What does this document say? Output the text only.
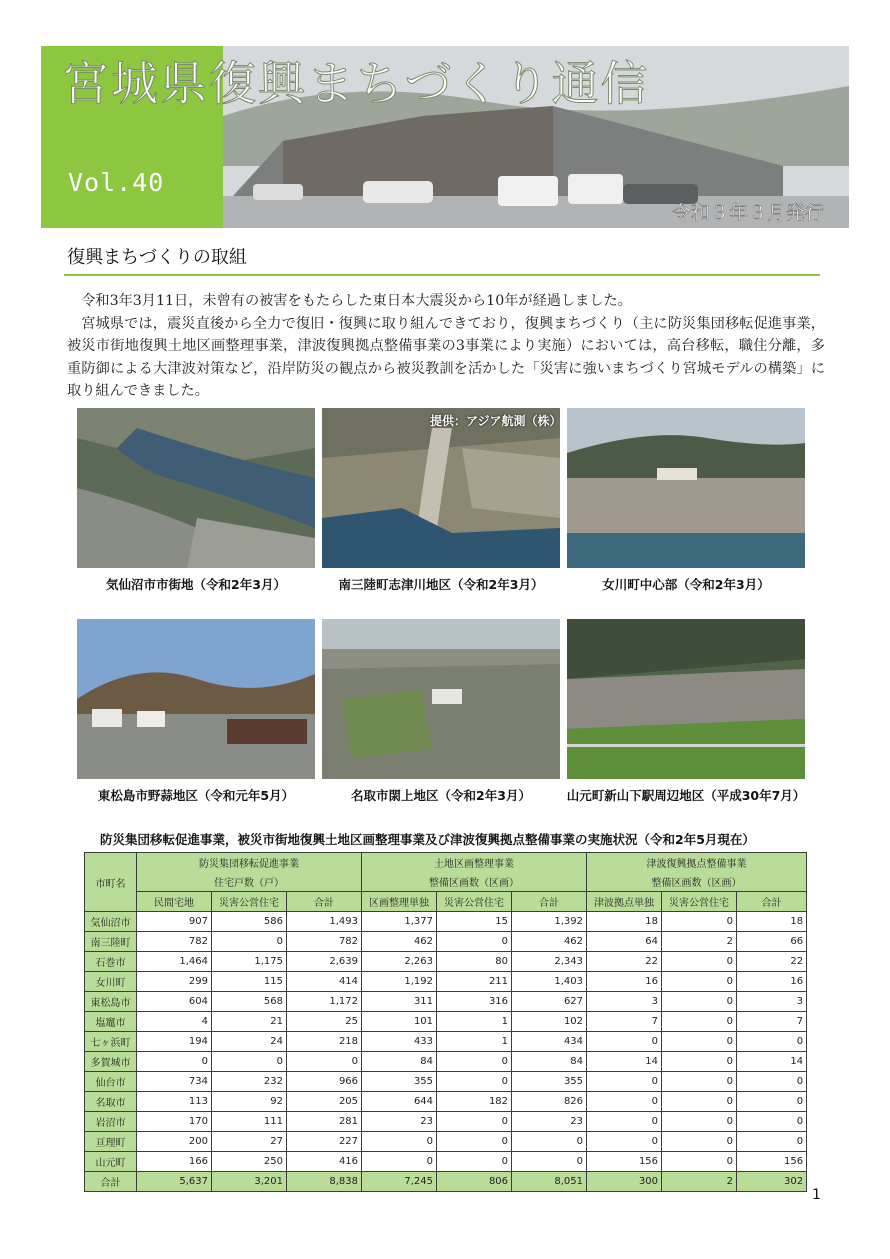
宮城県復興まちづくり通信
Vol.40
令和３年３月発行
復興まちづくりの取組

令和3年3月11日，未曾有の被害をもたらした東日本大震災から10年が経過しました。

宮城県では，震災直後から全力で復旧・復興に取り組んできており，復興まちづくり（主に防災集団移転促進事業，被災市街地復興土地区画整理事業，津波復興拠点整備事業の3事業により実施）においては，高台移転，職住分離，多重防御による大津波対策など，沿岸防災の観点から被災教訓を活かした「災害に強いまちづくり宮城モデルの構築」に取り組んできました。

提供：アジア航測（株）
気仙沼市市街地（令和2年3月）	南三陸町志津川地区（令和2年3月）	女川町中心部（令和2年3月）
東松島市野蒜地区（令和元年5月）	名取市閖上地区（令和2年3月）	山元町新山下駅周辺地区（平成30年7月）
防災集団移転促進事業，被災市街地復興土地区画整理事業及び津波復興拠点整備事業の実施状況（令和2年5月現在）
市町名	防災集団移転促進事業			土地区画整理事業			津波復興拠点整備事業		
	住宅戸数（戸）			整備区画数（区画）			整備区画数（区画）		
	民間宅地	災害公営住宅	合計	区画整理単独	災害公営住宅	合計	津波拠点単独	災害公営住宅	合計
気仙沼市	907	586	1,493	1,377	15	1,392	18	0	18
南三陸町	782	0	782	462	0	462	64	2	66
石巻市	1,464	1,175	2,639	2,263	80	2,343	22	0	22
女川町	299	115	414	1,192	211	1,403	16	0	16
東松島市	604	568	1,172	311	316	627	3	0	3
塩竈市	4	21	25	101	1	102	7	0	7
七ヶ浜町	194	24	218	433	1	434	0	0	0
多賀城市	0	0	0	84	0	84	14	0	14
仙台市	734	232	966	355	0	355	0	0	0
名取市	113	92	205	644	182	826	0	0	0
岩沼市	170	111	281	23	0	23	0	0	0
亘理町	200	27	227	0	0	0	0	0	0
山元町	166	250	416	0	0	0	156	0	156
合計	5,637	3,201	8,838	7,245	806	8,051	300	2	302
1
